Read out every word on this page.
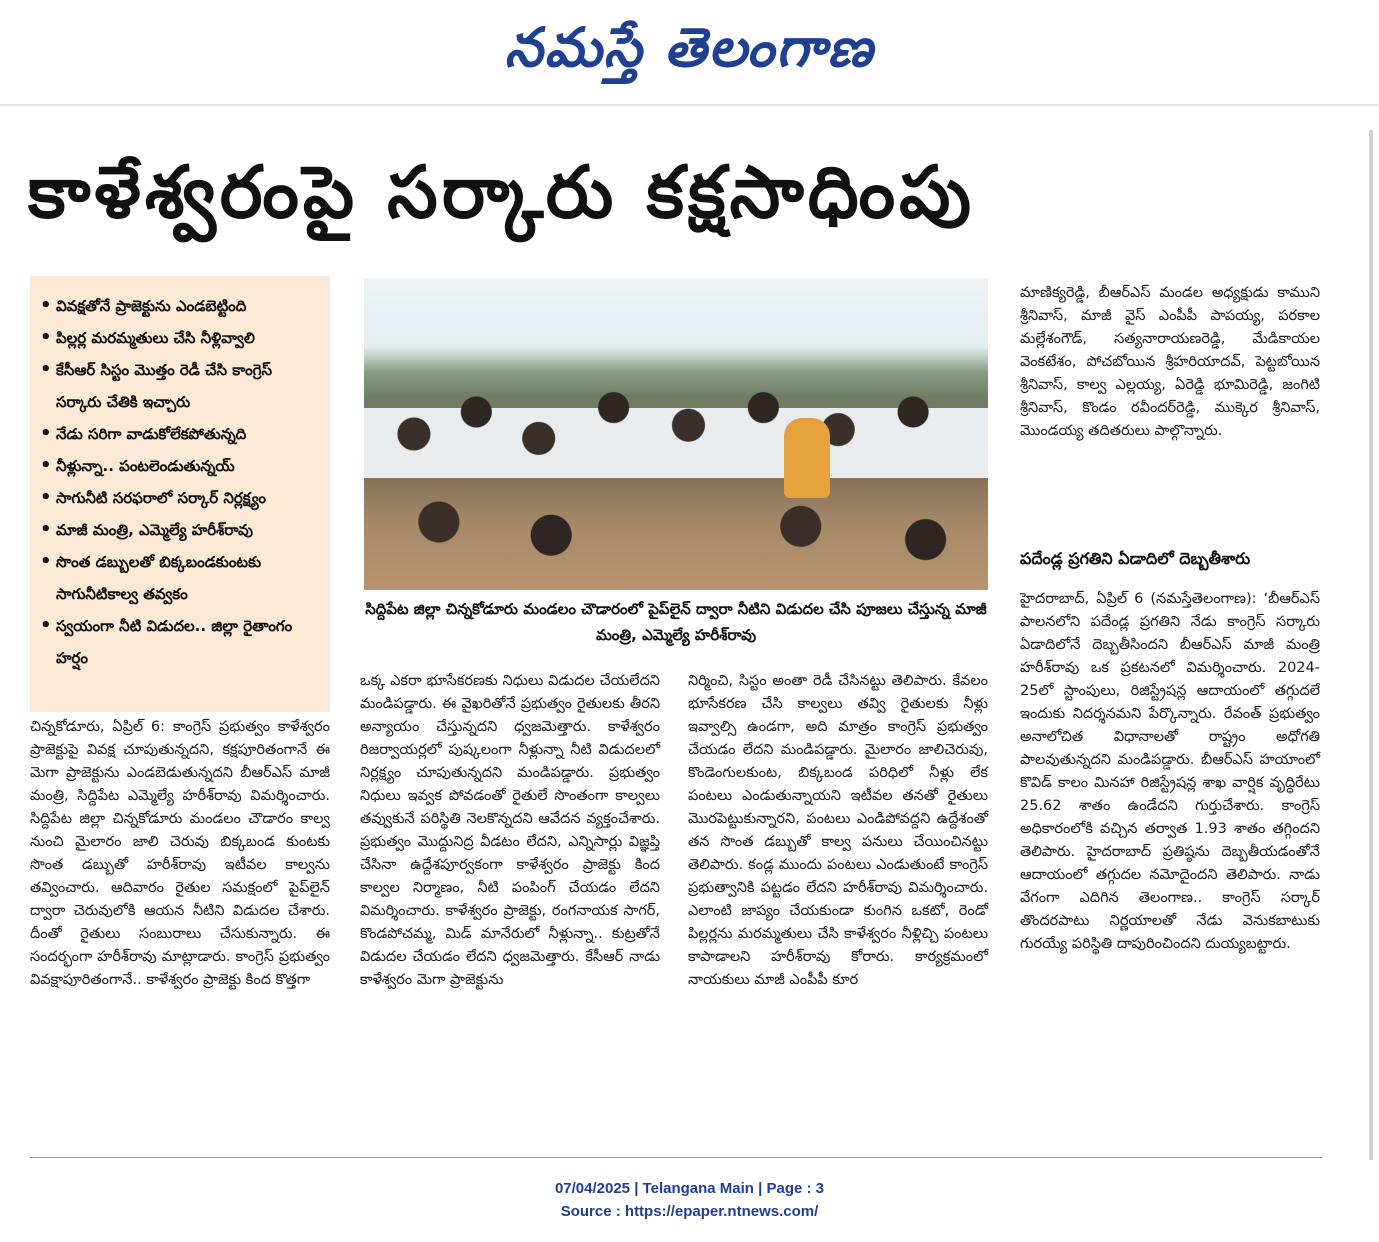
నమస్తే తెలంగాణ
కాళేశ్వరంపై సర్కారు కక్షసాధింపు
• వివక్షతోనే ప్రాజెక్టును ఎండబెట్టింది
• పిల్లర్ల మరమ్మతులు చేసి నీళ్లివ్వాలి
• కేసీఆర్ సిస్టం మొత్తం రెడీ చేసి కాంగ్రెస్ సర్కారు చేతికి ఇచ్చారు
• నేడు సరిగా వాడుకోలేకపోతున్నది
• నీళ్లున్నా.. పంటలెండుతున్నయ్
• సాగునీటి సరఫరాలో సర్కార్ నిర్లక్ష్యం
• మాజీ మంత్రి, ఎమ్మెల్యే హరీశ్‌రావు
• సొంత డబ్బులతో బిక్కబండకుంటకు సాగునీటికాల్వ తవ్వకం
• స్వయంగా నీటి విడుదల.. జిల్లా రైతాంగం హర్షం
సిద్దిపేట జిల్లా చిన్నకోడూరు మండలం చౌడారంలో పైప్‌లైన్ ద్వారా నీటిని విడుదల చేసి పూజలు చేస్తున్న మాజీ మంత్రి, ఎమ్మెల్యే హరీశ్‌రావు

చిన్నకోడూరు, ఏప్రిల్ 6: కాంగ్రెస్ ప్రభుత్వం కాళేశ్వరం ప్రాజెక్టుపై వివక్ష చూపుతున్నదని, కక్షపూరితంగానే ఈ మెగా ప్రాజెక్టును ఎండబెడుతున్నదని బీఆర్‌ఎస్ మాజీ మంత్రి, సిద్దిపేట ఎమ్మెల్యే హరీశ్‌రావు విమర్శించారు. సిద్దిపేట జిల్లా చిన్నకోడూరు మండలం చౌడారం కాల్వ నుంచి మైలారం జాలి చెరువు బిక్కబండ కుంటకు సొంత డబ్బుతో హరీశ్‌రావు ఇటీవల కాల్వను తవ్వించారు. ఆదివారం రైతుల సమక్షంలో పైప్‌లైన్ ద్వారా చెరువులోకి ఆయన నీటిని విడుదల చేశారు. దీంతో రైతులు సంబురాలు చేసుకున్నారు. ఈ సందర్భంగా హరీశ్‌రావు మాట్లాడారు. కాంగ్రెస్ ప్రభుత్వం వివక్షాపూరితంగానే.. కాళేశ్వరం ప్రాజెక్టు కింద కొత్తగా

ఒక్క ఎకరా భూసేకరణకు నిధులు విడుదల చేయలేదని మండిపడ్డారు. ఈ వైఖరితోనే ప్రభుత్వం రైతులకు తీరని అన్యాయం చేస్తున్నదని ధ్వజమెత్తారు. కాళేశ్వరం రిజర్వాయర్లలో పుష్కలంగా నీళ్లున్నా నీటి విడుదలలో నిర్లక్ష్యం చూపుతున్నదని మండిపడ్డారు. ప్రభుత్వం నిధులు ఇవ్వక పోవడంతో రైతులే సొంతంగా కాల్వలు తవ్వుకునే పరిస్థితి నెలకొన్నదని ఆవేదన వ్యక్తంచేశారు. ప్రభుత్వం మొద్దునిద్ర వీడటం లేదని, ఎన్నిసార్లు విజ్ఞప్తి చేసినా ఉద్దేశపూర్వకంగా కాళేశ్వరం ప్రాజెక్టు కింద కాల్వల నిర్మాణం, నీటి పంపింగ్ చేయడం లేదని విమర్శించారు. కాళేశ్వరం ప్రాజెక్టు, రంగనాయక సాగర్, కొండపోచమ్మ, మిడ్ మానేరులో నీళ్లున్నా.. కుట్రతోనే విడుదల చేయడం లేదని ధ్వజమెత్తారు. కేసీఆర్ నాడు కాళేశ్వరం మెగా ప్రాజెక్టును

నిర్మించి, సిస్టం అంతా రెడీ చేసినట్టు తెలిపారు. కేవలం భూసేకరణ చేసి కాల్వలు తవ్వి రైతులకు నీళ్లు ఇవ్వాల్సి ఉండగా, అది మాత్రం కాంగ్రెస్ ప్రభుత్వం చేయడం లేదని మండిపడ్డారు. మైలారం జాలిచెరువు, కొండెంగులకుంట, బిక్కబండ పరిధిలో నీళ్లు లేక పంటలు ఎండుతున్నాయని ఇటీవల తనతో రైతులు మొరపెట్టుకున్నారని, పంటలు ఎండిపోవద్దని ఉద్దేశంతో తన సొంత డబ్బుతో కాల్వ పనులు చేయించినట్టు తెలిపారు. కండ్ల ముందు పంటలు ఎండుతుంటే కాంగ్రెస్ ప్రభుత్వానికి పట్టడం లేదని హరీశ్‌రావు విమర్శించారు. ఎలాంటి జాప్యం చేయకుండా కుంగిన ఒకటో, రెండో పిల్లర్లను మరమ్మతులు చేసి కాళేశ్వరం నీళ్లిచ్చి పంటలు కాపాడాలని హరీశ్‌రావు కోరారు. కార్యక్రమంలో నాయకులు మాజీ ఎంపీపీ కూర

మాణిక్యరెడ్డి, బీఆర్‌ఎస్ మండల అధ్యక్షుడు కాముని శ్రీనివాస్, మాజీ వైస్ ఎంపీపీ పాపయ్య, పరకాల మల్లేశంగౌడ్, సత్యనారాయణరెడ్డి, మేడికాయల వెంకటేశం, పోచబోయిన శ్రీహరియాదవ్, పెట్టబోయిన శ్రీనివాస్, కాల్వ ఎల్లయ్య, ఏరెడ్డి భూమిరెడ్డి, జంగిటి శ్రీనివాస్, కొండం రవీందర్‌రెడ్డి, ముక్కెర శ్రీనివాస్, మొండయ్య తదితరులు పాల్గొన్నారు.

పదేండ్ల ప్రగతిని ఏడాదిలో దెబ్బతీశారు

హైదరాబాద్, ఏప్రిల్ 6 (నమస్తేతెలంగాణ): ‘బీఆర్‌ఎస్ పాలనలోని పదేండ్ల ప్రగతిని నేడు కాంగ్రెస్ సర్కారు ఏడాదిలోనే దెబ్బతీసిందని బీఆర్‌ఎస్ మాజీ మంత్రి హరీశ్‌రావు ఒక ప్రకటనలో విమర్శించారు. 2024-25లో స్టాంపులు, రిజిస్ట్రేషన్ల ఆదాయంలో తగ్గుదలే ఇందుకు నిదర్శనమని పేర్కొన్నారు. రేవంత్ ప్రభుత్వం అనాలోచిత విధానాలతో రాష్ట్రం అధోగతి పాలవుతున్నదని మండిపడ్డారు. బీఆర్‌ఎస్ హయాంలో కొవిడ్ కాలం మినహా రిజిస్ట్రేషన్ల శాఖ వార్షిక వృద్ధిరేటు 25.62 శాతం ఉండేదని గుర్తుచేశారు. కాంగ్రెస్ అధికారంలోకి వచ్చిన తర్వాత 1.93 శాతం తగ్గిందని తెలిపారు. హైదరాబాద్ ప్రతిష్ఠను దెబ్బతీయడంతోనే ఆదాయంలో తగ్గుదల నమోదైందని తెలిపారు. నాడు వేగంగా ఎదిగిన తెలంగాణ.. కాంగ్రెస్ సర్కార్ తొందరపాటు నిర్ణయాలతో నేడు వెనుకబాటుకు గురయ్యే పరిస్థితి దాపురించిందని దుయ్యబట్టారు.

07/04/2025 | Telangana Main | Page : 3
Source : https://epaper.ntnews.com/
